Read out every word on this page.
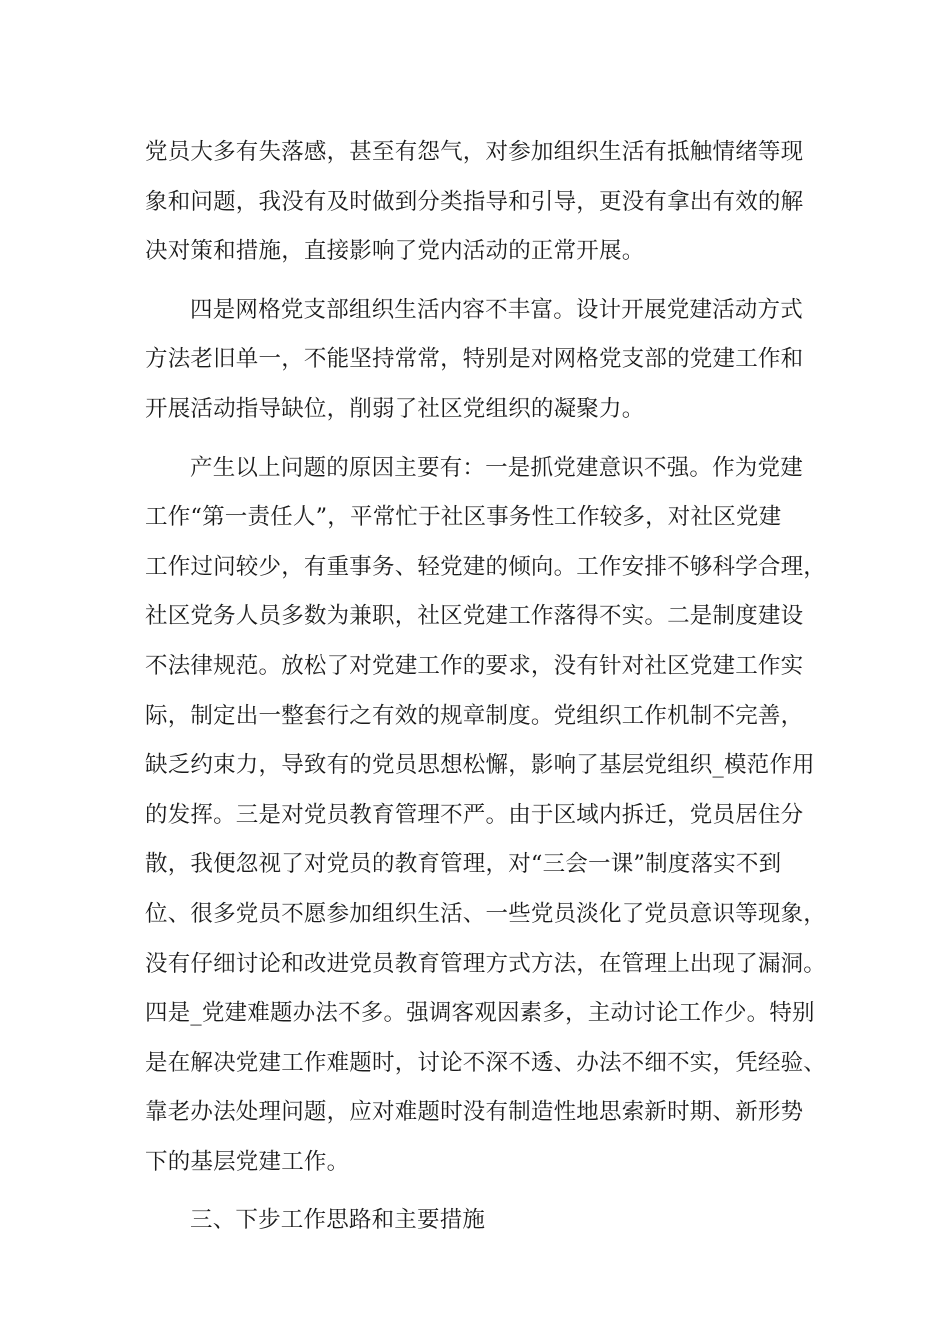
党员大多有失落感，甚至有怨气，对参加组织生活有抵触情绪等现
象和问题，我没有及时做到分类指导和引导，更没有拿出有效的解
决对策和措施，直接影响了党内活动的正常开展。
四是网格党支部组织生活内容不丰富。设计开展党建活动方式
方法老旧单一，不能坚持常常，特别是对网格党支部的党建工作和
开展活动指导缺位，削弱了社区党组织的凝聚力。
产生以上问题的原因主要有：一是抓党建意识不强。作为党建
工作“第一责任人”，平常忙于社区事务性工作较多，对社区党建
工作过问较少，有重事务、轻党建的倾向。工作安排不够科学合理，
社区党务人员多数为兼职，社区党建工作落得不实。二是制度建设
不法律规范。放松了对党建工作的要求，没有针对社区党建工作实
际，制定出一整套行之有效的规章制度。党组织工作机制不完善，
缺乏约束力，导致有的党员思想松懈，影响了基层党组织_模范作用
的发挥。三是对党员教育管理不严。由于区域内拆迁，党员居住分
散，我便忽视了对党员的教育管理，对“三会一课”制度落实不到
位、很多党员不愿参加组织生活、一些党员淡化了党员意识等现象，
没有仔细讨论和改进党员教育管理方式方法，在管理上出现了漏洞。
四是_党建难题办法不多。强调客观因素多，主动讨论工作少。特别
是在解决党建工作难题时，讨论不深不透、办法不细不实，凭经验、
靠老办法处理问题，应对难题时没有制造性地思索新时期、新形势
下的基层党建工作。
三、下步工作思路和主要措施
